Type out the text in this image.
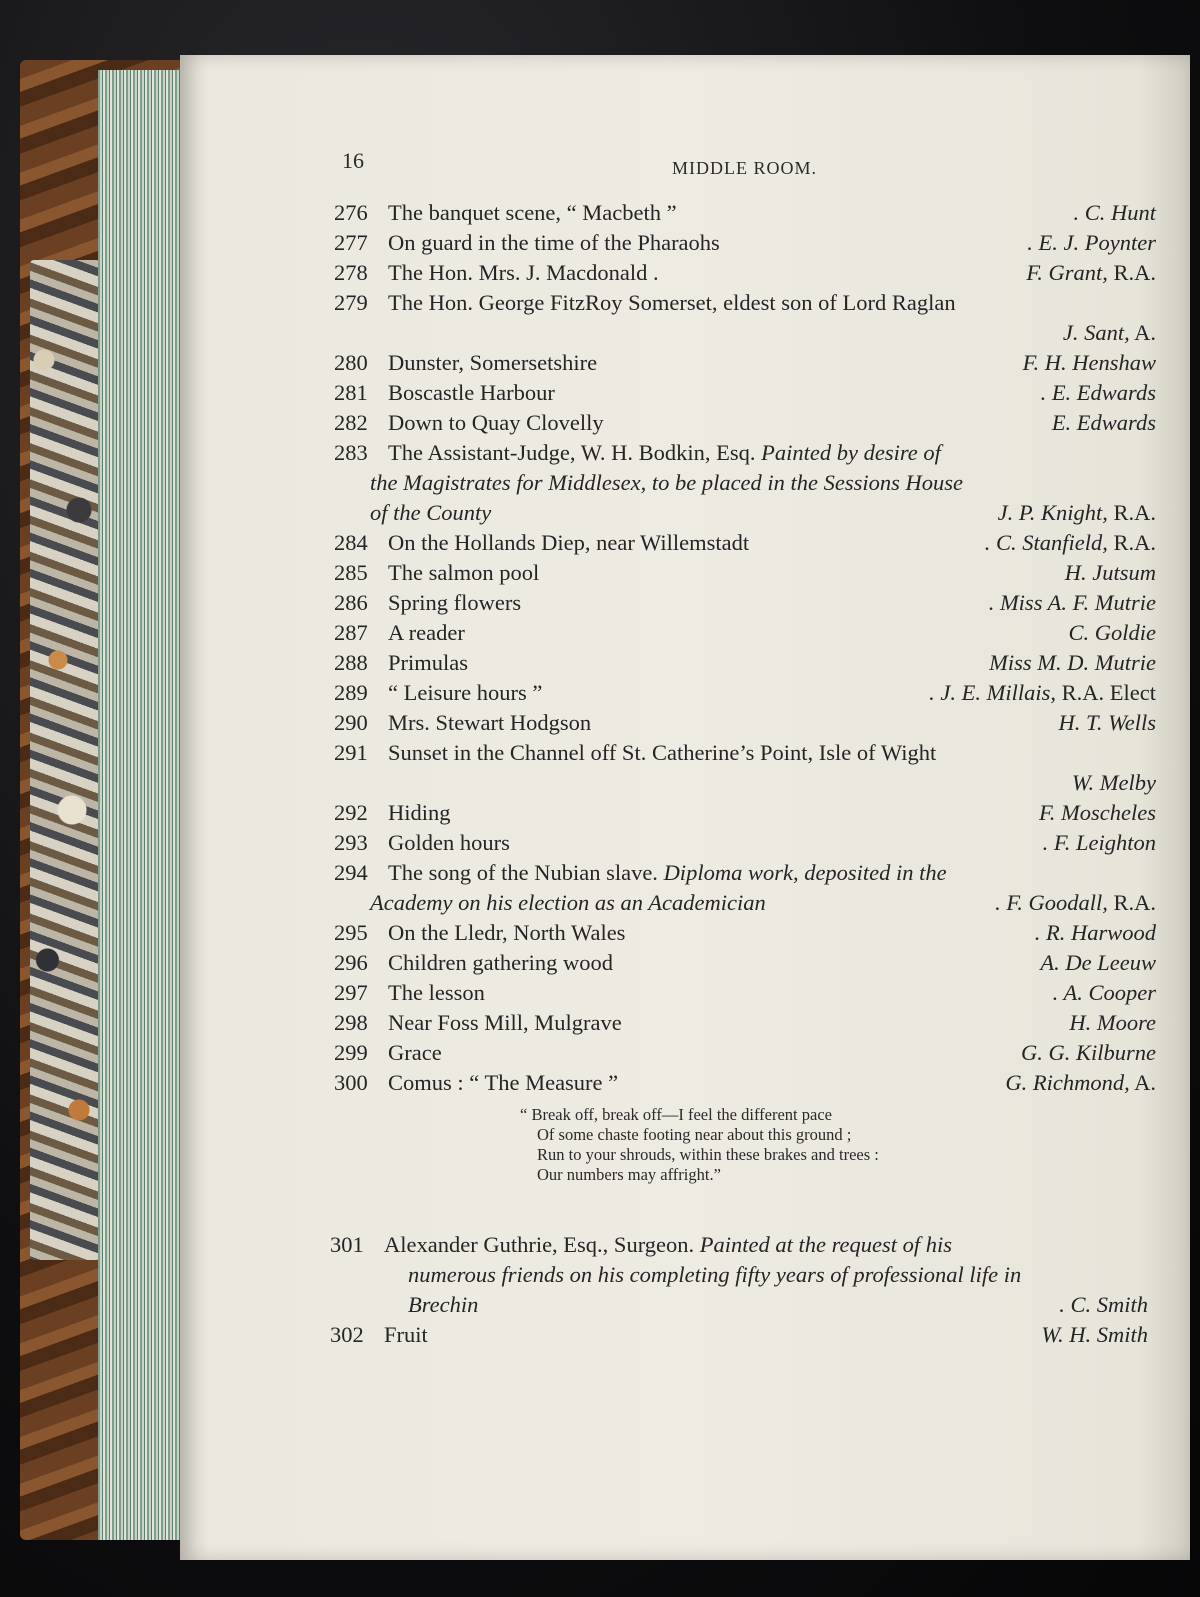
16	MIDDLE ROOM.
276 The banquet scene, “ Macbeth ”	. C. Hunt
277 On guard in the time of the Pharaohs	. E. J. Poynter
278 The Hon. Mrs. J. Macdonald .	F. Grant, R.A.
279 The Hon. George FitzRoy Somerset, eldest son of Lord Raglan
J. Sant, A.
280 Dunster, Somersetshire	F. H. Henshaw
281 Boscastle Harbour	. E. Edwards
282 Down to Quay Clovelly	E. Edwards
283 The Assistant-Judge, W. H. Bodkin, Esq. Painted by desire of
the Magistrates for Middlesex, to be placed in the Sessions House
of the County	J. P. Knight, R.A.
284 On the Hollands Diep, near Willemstadt	. C. Stanfield, R.A.
285 The salmon pool	H. Jutsum
286 Spring flowers	. Miss A. F. Mutrie
287 A reader	C. Goldie
288 Primulas	Miss M. D. Mutrie
289 “ Leisure hours ”	. J. E. Millais, R.A. Elect
290 Mrs. Stewart Hodgson	H. T. Wells
291 Sunset in the Channel off St. Catherine’s Point, Isle of Wight
W. Melby
292 Hiding	F. Moscheles
293 Golden hours	. F. Leighton
294 The song of the Nubian slave. Diploma work, deposited in the
Academy on his election as an Academician	. F. Goodall, R.A.
295 On the Lledr, North Wales	. R. Harwood
296 Children gathering wood	A. De Leeuw
297 The lesson	. A. Cooper
298 Near Foss Mill, Mulgrave	H. Moore
299 Grace	G. G. Kilburne
300 Comus : “ The Measure ”	G. Richmond, A.
“ Break off, break off—I feel the different pace
Of some chaste footing near about this ground ;
Run to your shrouds, within these brakes and trees :
Our numbers may affright.”
301 Alexander Guthrie, Esq., Surgeon. Painted at the request of his
numerous friends on his completing fifty years of professional life in
Brechin	. C. Smith
302 Fruit	W. H. Smith
